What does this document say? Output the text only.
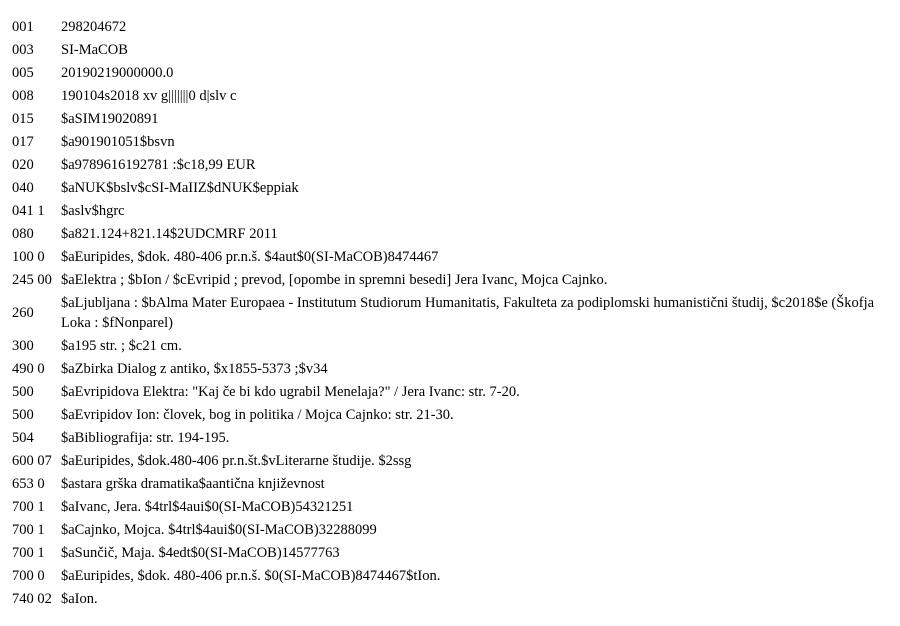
001	298204672
003	SI-MaCOB
005	20190219000000.0
008	190104s2018 xv g|||||||0 d|slv c
015	$aSIM19020891
017	$a901901051$bsvn
020	$a9789616192781 :$c18,99 EUR
040	$aNUK$bslv$cSI-MaIIZ$dNUK$eppiak
041 1	$aslv$hgrc
080	$a821.124+821.14$2UDCMRF 2011
100 0	$aEuripides, $dok. 480-406 pr.n.š. $4aut$0(SI-MaCOB)8474467
245 00	$aElektra ; $bIon / $cEvripid ; prevod, [opombe in spremni besedi] Jera Ivanc, Mojca Cajnko.
260	$aLjubljana : $bAlma Mater Europaea - Institutum Studiorum Humanitatis, Fakulteta za podiplomski humanistični študij, $c2018$e (Škofja Loka : $fNonparel)
300	$a195 str. ; $c21 cm.
490 0	$aZbirka Dialog z antiko, $x1855-5373 ;$v34
500	$aEvripidova Elektra: "Kaj če bi kdo ugrabil Menelaja?" / Jera Ivanc: str. 7-20.
500	$aEvripidov Ion: človek, bog in politika / Mojca Cajnko: str. 21-30.
504	$aBibliografija: str. 194-195.
600 07	$aEuripides, $dok.480-406 pr.n.št.$vLiterarne študije. $2ssg
653 0	$astara grška dramatika$aantična književnost
700 1	$aIvanc, Jera. $4trl$4aui$0(SI-MaCOB)54321251
700 1	$aCajnko, Mojca. $4trl$4aui$0(SI-MaCOB)32288099
700 1	$aSunčič, Maja. $4edt$0(SI-MaCOB)14577763
700 0	$aEuripides, $dok. 480-406 pr.n.š. $0(SI-MaCOB)8474467$tIon.
740 02	$aIon.
